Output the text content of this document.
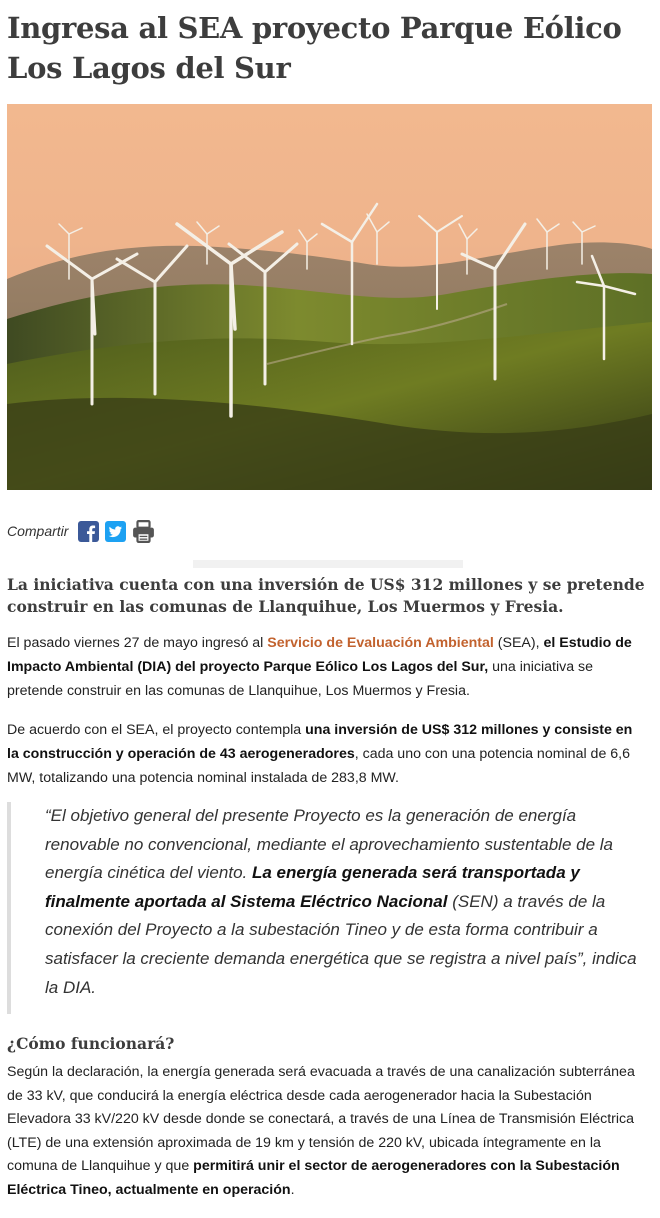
Ingresa al SEA proyecto Parque Eólico Los Lagos del Sur
Compartir
La iniciativa cuenta con una inversión de US$ 312 millones y se pretende construir en las comunas de Llanquihue, Los Muermos y Fresia.

El pasado viernes 27 de mayo ingresó al Servicio de Evaluación Ambiental (SEA), el Estudio de Impacto Ambiental (DIA) del proyecto Parque Eólico Los Lagos del Sur, una iniciativa se pretende construir en las comunas de Llanquihue, Los Muermos y Fresia.

De acuerdo con el SEA, el proyecto contempla una inversión de US$ 312 millones y consiste en la construcción y operación de 43 aerogeneradores, cada uno con una potencia nominal de 6,6 MW, totalizando una potencia nominal instalada de 283,8 MW.

“El objetivo general del presente Proyecto es la generación de energía renovable no convencional, mediante el aprovechamiento sustentable de la energía cinética del viento. La energía generada será transportada y finalmente aportada al Sistema Eléctrico Nacional (SEN) a través de la conexión del Proyecto a la subestación Tineo y de esta forma contribuir a satisfacer la creciente demanda energética que se registra a nivel país”, indica la DIA.
¿Cómo funcionará?

Según la declaración, la energía generada será evacuada a través de una canalización subterránea de 33 kV, que conducirá la energía eléctrica desde cada aerogenerador hacia la Subestación Elevadora 33 kV/220 kV desde donde se conectará, a través de una Línea de Transmisión Eléctrica (LTE) de una extensión aproximada de 19 km y tensión de 220 kV, ubicada íntegramente en la comuna de Llanquihue y que permitirá unir el sector de aerogeneradores con la Subestación Eléctrica Tineo, actualmente en operación.
